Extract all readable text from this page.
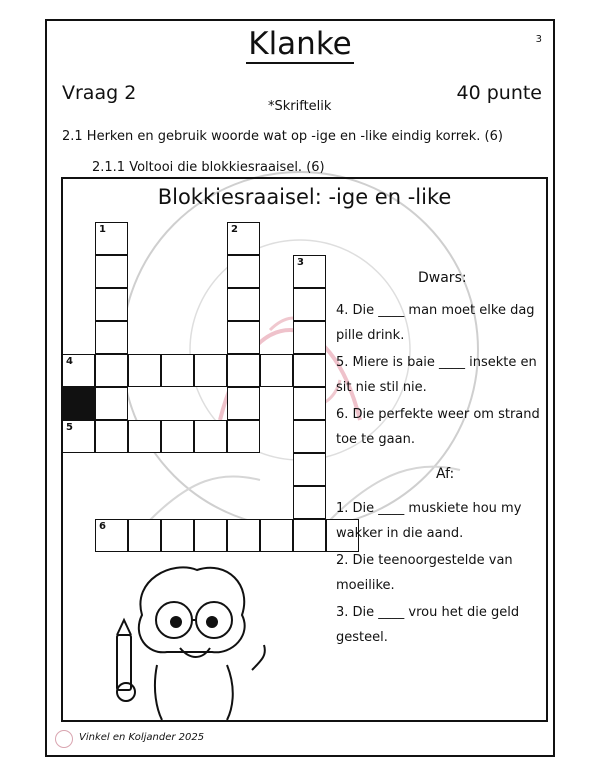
Klanke	3
Vraag 2	40 punte
*Skriftelik
2.1 Herken en gebruik woorde wat op -ige en -like eindig korrek. (6)
2.1.1 Voltooi die blokkiesraaisel. (6)
Blokkiesraaisel: -ige en -like
1	2
3
4
5
6
Dwars:
4. Die ____ man moet elke dag pille drink.
5. Miere is baie ____ insekte en sit nie stil nie.
6. Die perfekte weer om strand toe te gaan.
Af:
1. Die ____ muskiete hou my wakker in die aand.
2. Die teenoorgestelde van moeilike.
3. Die ____ vrou het die geld gesteel.
Vinkel en Koljander 2025
